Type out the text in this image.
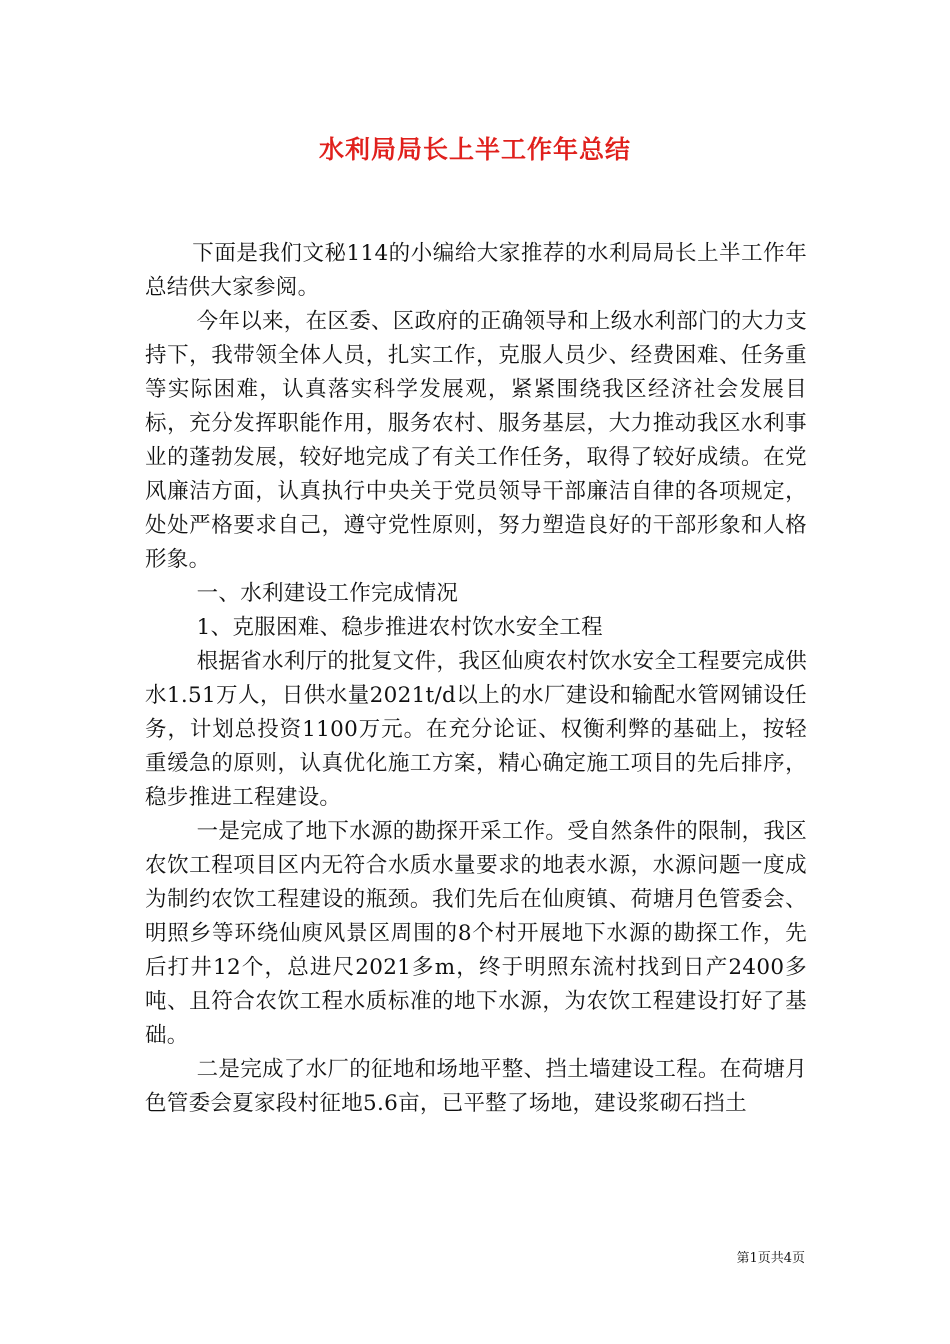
水利局局长上半工作年总结

下面是我们文秘114的小编给大家推荐的水利局局长上半工作年总结供大家参阅。

今年以来，在区委、区政府的正确领导和上级水利部门的大力支持下，我带领全体人员，扎实工作，克服人员少、经费困难、任务重等实际困难，认真落实科学发展观，紧紧围绕我区经济社会发展目标，充分发挥职能作用，服务农村、服务基层，大力推动我区水利事业的蓬勃发展，较好地完成了有关工作任务，取得了较好成绩。在党风廉洁方面，认真执行中央关于党员领导干部廉洁自律的各项规定，处处严格要求自己，遵守党性原则，努力塑造良好的干部形象和人格形象。

一、水利建设工作完成情况

1、克服困难、稳步推进农村饮水安全工程

根据省水利厅的批复文件，我区仙庾农村饮水安全工程要完成供水1.51万人，日供水量2021t/d以上的水厂建设和输配水管网铺设任务，计划总投资1100万元。在充分论证、权衡利弊的基础上，按轻重缓急的原则，认真优化施工方案，精心确定施工项目的先后排序，稳步推进工程建设。

一是完成了地下水源的勘探开采工作。受自然条件的限制，我区农饮工程项目区内无符合水质水量要求的地表水源，水源问题一度成为制约农饮工程建设的瓶颈。我们先后在仙庾镇、荷塘月色管委会、明照乡等环绕仙庾风景区周围的8个村开展地下水源的勘探工作，先后打井12个，总进尺2021多m，终于明照东流村找到日产2400多吨、且符合农饮工程水质标准的地下水源，为农饮工程建设打好了基础。

二是完成了水厂的征地和场地平整、挡土墙建设工程。在荷塘月色管委会夏家段村征地5.6亩，已平整了场地，建设浆砌石挡土

第1页共4页
